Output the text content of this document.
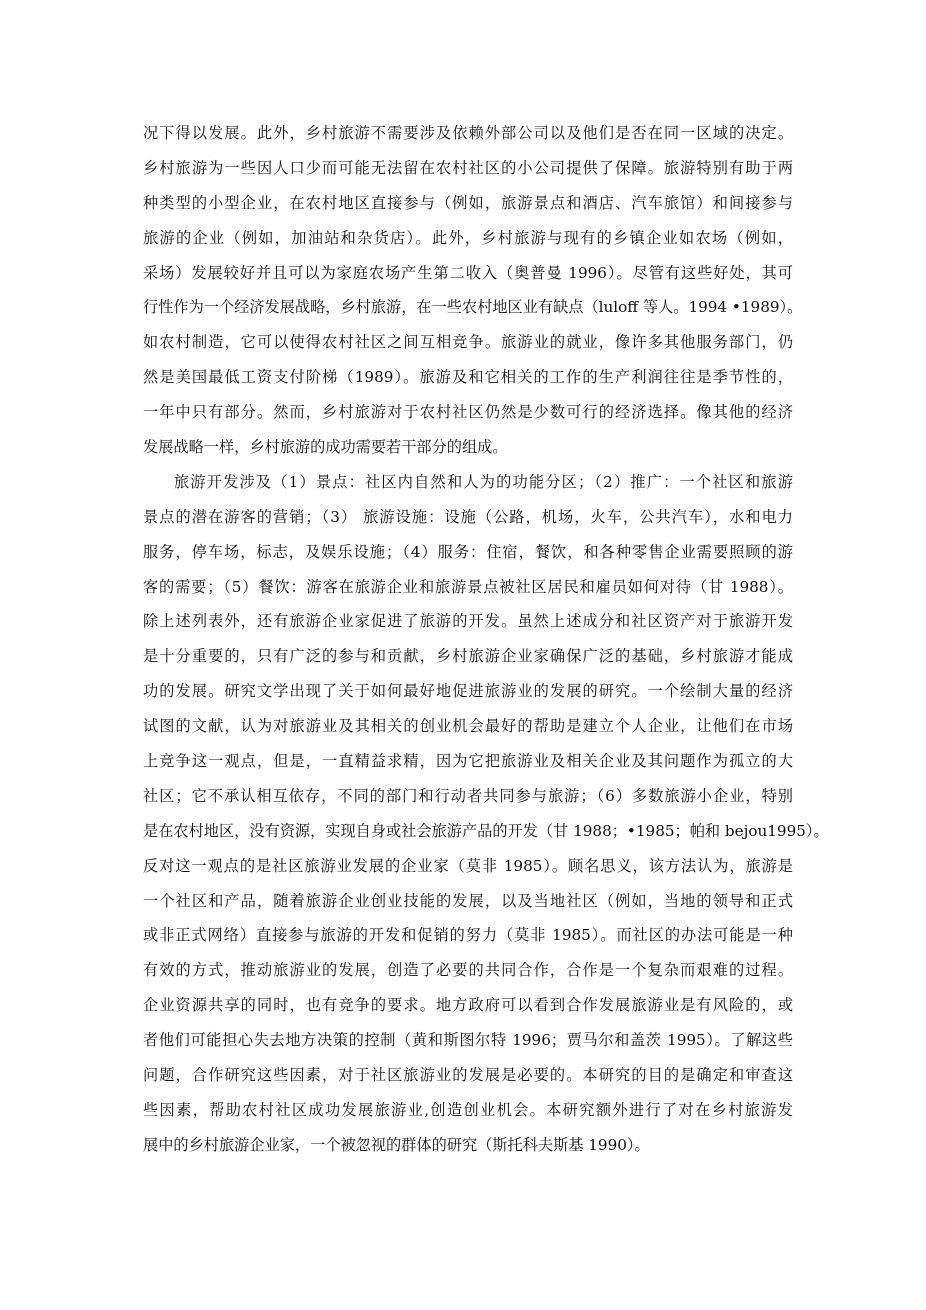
况下得以发展。此外，乡村旅游不需要涉及依赖外部公司以及他们是否在同一区域的决定。
乡村旅游为一些因人口少而可能无法留在农村社区的小公司提供了保障。旅游特别有助于两
种类型的小型企业，在农村地区直接参与（例如，旅游景点和酒店、汽车旅馆）和间接参与
旅游的企业（例如，加油站和杂货店）。此外，乡村旅游与现有的乡镇企业如农场（例如，
采场）发展较好并且可以为家庭农场产生第二收入（奥普曼 1996）。尽管有这些好处，其可
行性作为一个经济发展战略，乡村旅游，在一些农村地区业有缺点（luloff 等人。1994 •1989）。
如农村制造，它可以使得农村社区之间互相竞争。旅游业的就业，像许多其他服务部门，仍
然是美国最低工资支付阶梯（1989）。旅游及和它相关的工作的生产利润往往是季节性的，
一年中只有部分。然而，乡村旅游对于农村社区仍然是少数可行的经济选择。像其他的经济
发展战略一样，乡村旅游的成功需要若干部分的组成。
旅游开发涉及（1）景点：社区内自然和人为的功能分区；（2）推广：一个社区和旅游
景点的潜在游客的营销；（3） 旅游设施：设施（公路，机场，火车，公共汽车），水和电力
服务，停车场，标志，及娱乐设施；（4）服务：住宿，餐饮，和各种零售企业需要照顾的游
客的需要；（5）餐饮：游客在旅游企业和旅游景点被社区居民和雇员如何对待（甘 1988）。
除上述列表外，还有旅游企业家促进了旅游的开发。虽然上述成分和社区资产对于旅游开发
是十分重要的，只有广泛的参与和贡献，乡村旅游企业家确保广泛的基础，乡村旅游才能成
功的发展。研究文学出现了关于如何最好地促进旅游业的发展的研究。一个绘制大量的经济
试图的文献，认为对旅游业及其相关的创业机会最好的帮助是建立个人企业，让他们在市场
上竞争这一观点，但是，一直精益求精，因为它把旅游业及相关企业及其问题作为孤立的大
社区；它不承认相互依存，不同的部门和行动者共同参与旅游；（6）多数旅游小企业，特别
是在农村地区，没有资源，实现自身或社会旅游产品的开发（甘 1988；•1985；帕和 bejou1995）。
反对这一观点的是社区旅游业发展的企业家（莫非 1985）。顾名思义，该方法认为，旅游是
一个社区和产品，随着旅游企业创业技能的发展，以及当地社区（例如，当地的领导和正式
或非正式网络）直接参与旅游的开发和促销的努力（莫非 1985）。而社区的办法可能是一种
有效的方式，推动旅游业的发展，创造了必要的共同合作，合作是一个复杂而艰难的过程。
企业资源共享的同时，也有竞争的要求。地方政府可以看到合作发展旅游业是有风险的，或
者他们可能担心失去地方决策的控制（黄和斯图尔特 1996；贾马尔和盖茨 1995）。了解这些
问题，合作研究这些因素，对于社区旅游业的发展是必要的。本研究的目的是确定和审查这
些因素，帮助农村社区成功发展旅游业,创造创业机会。本研究额外进行了对在乡村旅游发
展中的乡村旅游企业家，一个被忽视的群体的研究（斯托科夫斯基 1990）。
